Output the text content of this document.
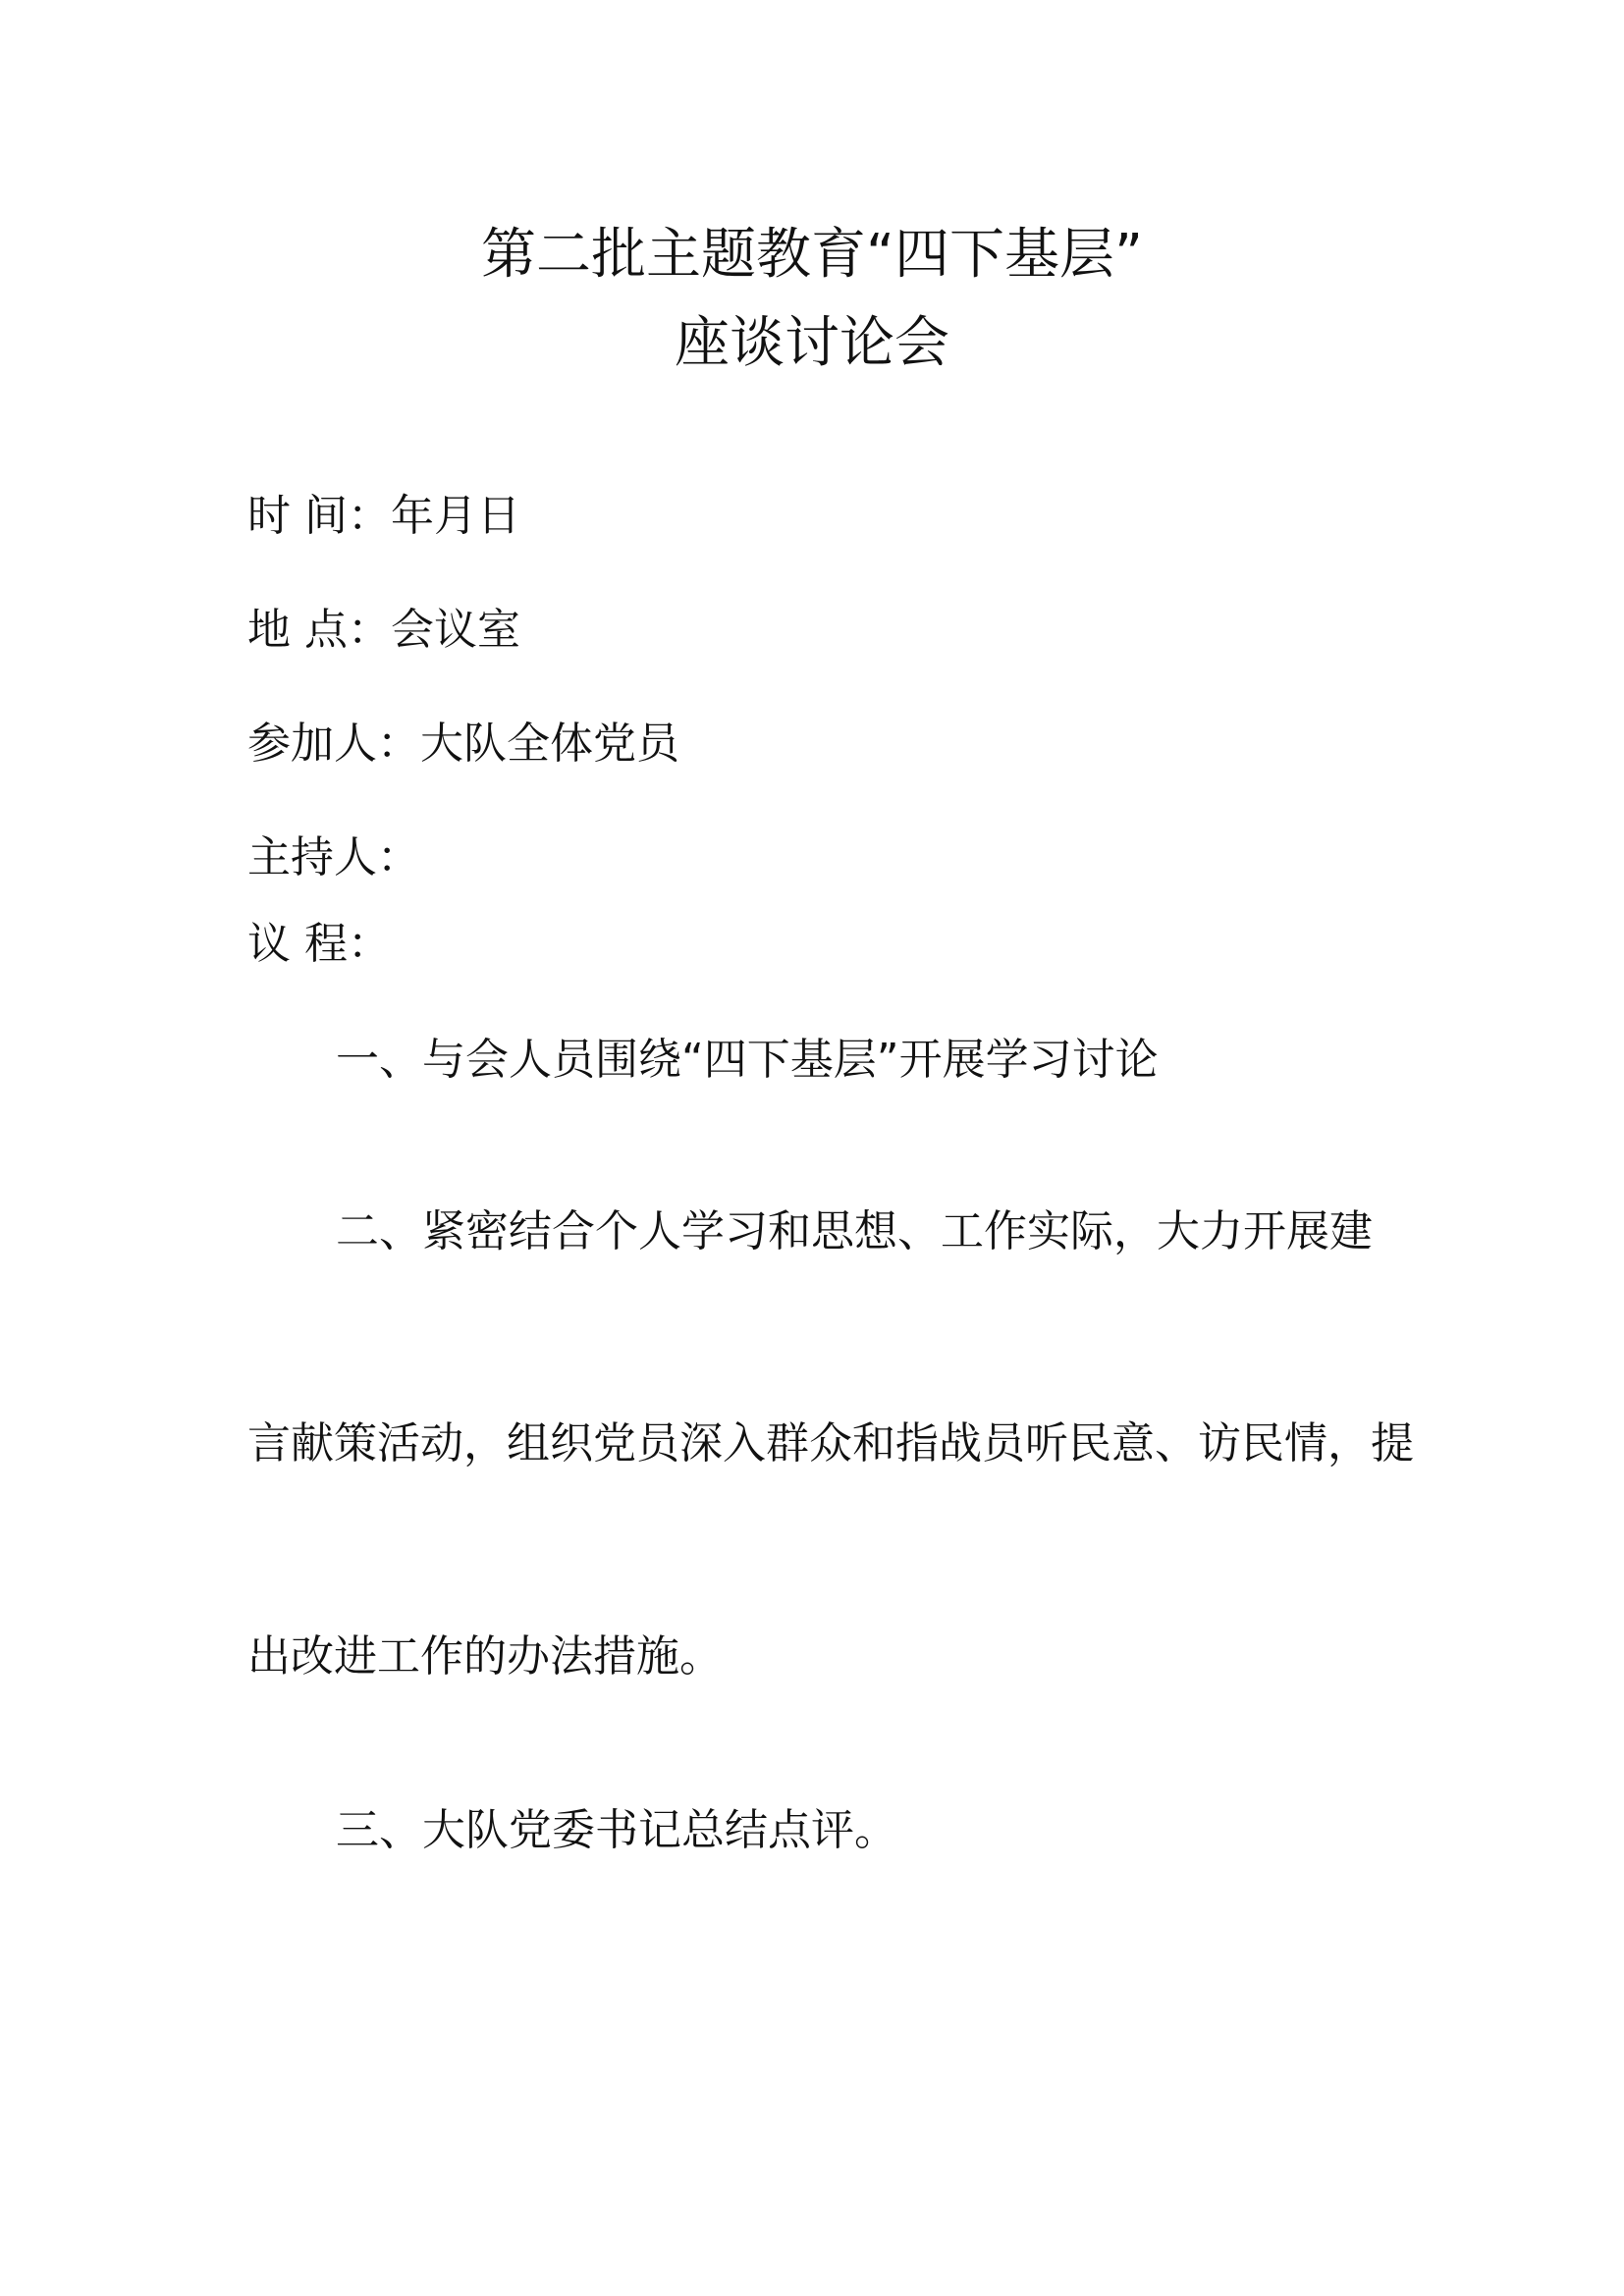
第二批主题教育“四下基层”
座谈讨论会
时 间：年月日
地 点：会议室
参加人：大队全体党员
主持人：
议 程：
一、与会人员围绕“四下基层”开展学习讨论
二、紧密结合个人学习和思想、工作实际，大力开展建
言献策活动，组织党员深入群众和指战员听民意、访民情，提
出改进工作的办法措施。
三、大队党委书记总结点评。
